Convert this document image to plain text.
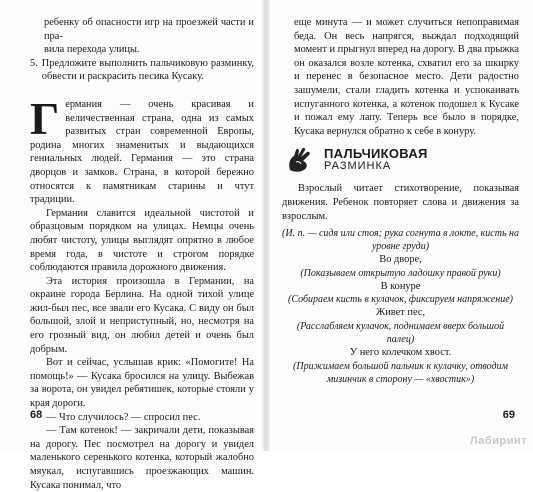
ребенку об опасности игр на проезжей части и пра-

вила перехода улицы.

5. Предложите выполнить пальчиковую разминку, обвести и раскрасить песика Кусаку.

Г ермания — очень красивая и величественная страна, одна из самых развитых стран современной Европы, родина многих знаменитых и выдающихся гениальных людей. Германия — это страна дворцов и замков. Страна, в которой бережно относятся к памятникам старины и чтут традиции.

Германия славится идеальной чистотой и образцовым порядком на улицах. Немцы очень любят чистоту, улицы выглядят опрятно в любое время года, в чистоте и строгом порядке соблюдаются правила дорожного движения.

Эта история произошла в Германии, на окраине города Берлина. На одной тихой улице жил-был пес, все звали его Кусака. С виду он был большой, злой и неприступный, но, несмотря на его грозный вид, он любил детей и очень был добрым.

Вот и сейчас, услышав крик: «Помогите! На помощь!» — Кусака бросился на улицу. Выбежав за ворота, он увидел ребятишек, которые стояли у края дороги.

— Что случилось? — спросил пес.

— Там котенок! — закричали дети, показывая на дорогу. Пес посмотрел на дорогу и увидел маленького серенького котенка, который жалобно мяукал, испугавшись проезжающих машин. Кусака понимал, что

68

еще минута — и может случиться непоправимая беда. Он весь напрягся, выждал подходящий момент и прыгнул вперед на дорогу. В два прыжка он оказался возле котенка, схватил его за шкирку и перенес в безопасное место. Дети радостно зашумели, стали гладить котенка и успокаивать испуганного котенка, а котенок подошел к Кусаке и пожал ему лапу. Теперь все было в порядке, Кусака вернулся обратно к себе в конуру.

ПАЛЬЧИКОВАЯ
РАЗМИНКА

Взрослый читает стихотворение, показывая движения. Ребенок повторяет слова и движения за взрослым.

(И. п. — сидя или стоя; рука согнута в локте, кисть на уровне груди)

Во дворе,

(Показываем открытую ладошку правой руки)

В конуре

(Собираем кисть в кулачок, фиксируем напряжение)

Живет пес,

(Расслабляем кулачок, поднимаем вверх большой палец)

У него колечком хвост.

(Прижимаем большой пальчик к кулачку, отводим мизинчик в сторону — «хвостик»)

69
Лабиринт
